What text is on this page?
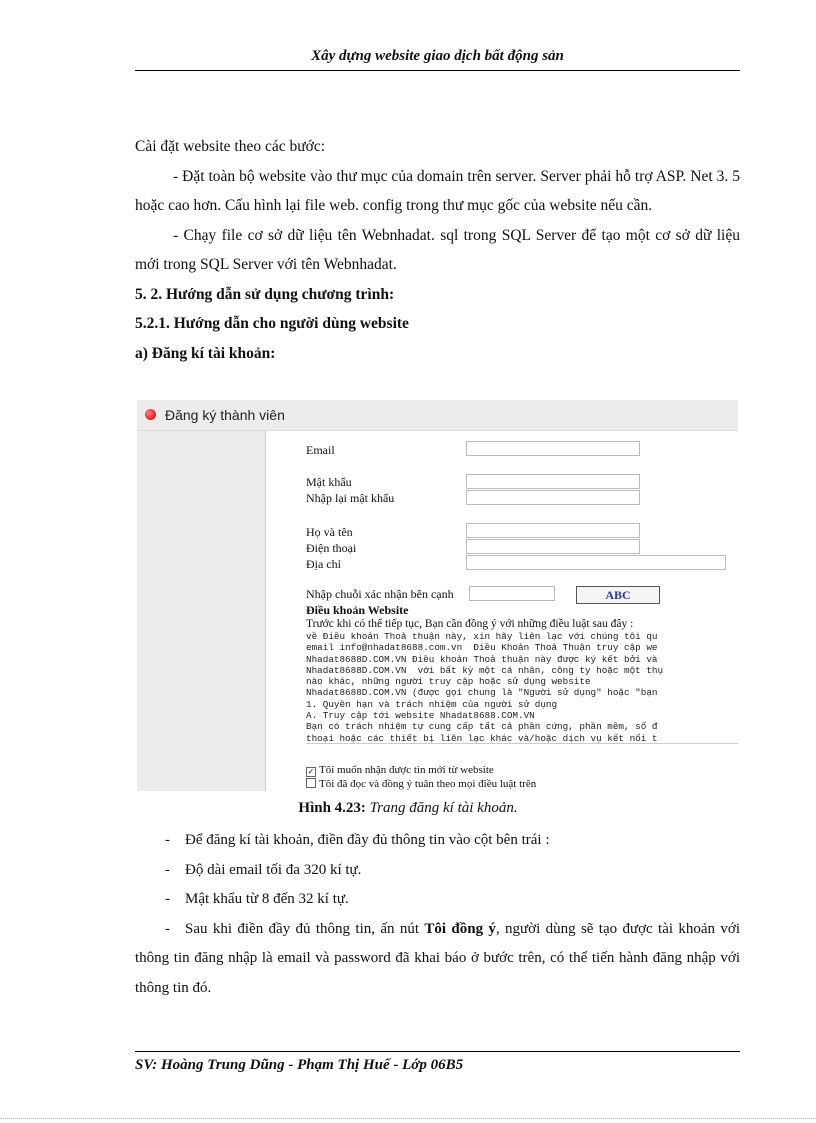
Xây dựng website giao dịch bất động sản

Cài đặt website theo các bước:

- Đặt toàn bộ website vào thư mục của domain trên server. Server phải hỗ trợ ASP. Net 3. 5 hoặc cao hơn. Cấu hình lại file web. config trong thư mục gốc của website nếu cần.

- Chạy file cơ sở dữ liệu tên Webnhadat. sql trong SQL Server để tạo một cơ sở dữ liệu mới trong SQL Server với tên Webnhadat.

5. 2. Hướng dẫn sử dụng chương trình:

5.2.1. Hướng dẫn cho người dùng website

a) Đăng kí tài khoản:

Đăng ký thành viên
Email
Mật khẩu
Nhập lại mật khẩu
Họ và tên
Điện thoại
Địa chỉ
Nhập chuỗi xác nhận bên cạnh	ABC
Điều khoản Website
Trước khi có thể tiếp tục, Bạn cần đồng ý với những điều luật sau đây :
về Điều khoản Thoả thuận này, xin hãy liên lạc với chúng tôi qu
email info@nhadat8688.com.vn  Điều Khoản Thoả Thuận truy cập we
Nhadat8688D.COM.VN Điều khoản Thoả thuận này được ký kết bởi và
Nhadat8688D.COM.VN  với bất kỳ một cá nhân, công ty hoặc một thụ
nào khác, những người truy cập hoặc sử dụng website
Nhadat8688D.COM.VN (được gọi chung là "Người sử dụng" hoặc "bạn
1. Quyền hạn và trách nhiệm của người sử dụng
A. Truy cập tới website Nhadat8688.COM.VN
Bạn có trách nhiệm tự cung cấp tất cả phần cứng, phần mềm, số đ
thoại hoặc các thiết bị liên lạc khác và/hoặc dịch vụ kết nối t
✓ Tôi muốn nhận được tin mới từ website
Tôi đã đọc và đồng ý tuân theo mọi điều luật trên
Hình 4.23: Trang đăng kí tài khoản.

- Để đăng kí tài khoản, điền đầy đủ thông tin vào cột bên trái :

- Độ dài email tối đa 320 kí tự.

- Mật khẩu từ 8 đến 32 kí tự.

- Sau khi điền đầy đủ thông tin, ấn nút Tôi đồng ý, người dùng sẽ tạo được tài khoản với thông tin đăng nhập là email và password đã khai báo ở bước trên, có thể tiến hành đăng nhập với thông tin đó.

SV: Hoàng Trung Dũng - Phạm Thị Huế - Lớp 06B5
